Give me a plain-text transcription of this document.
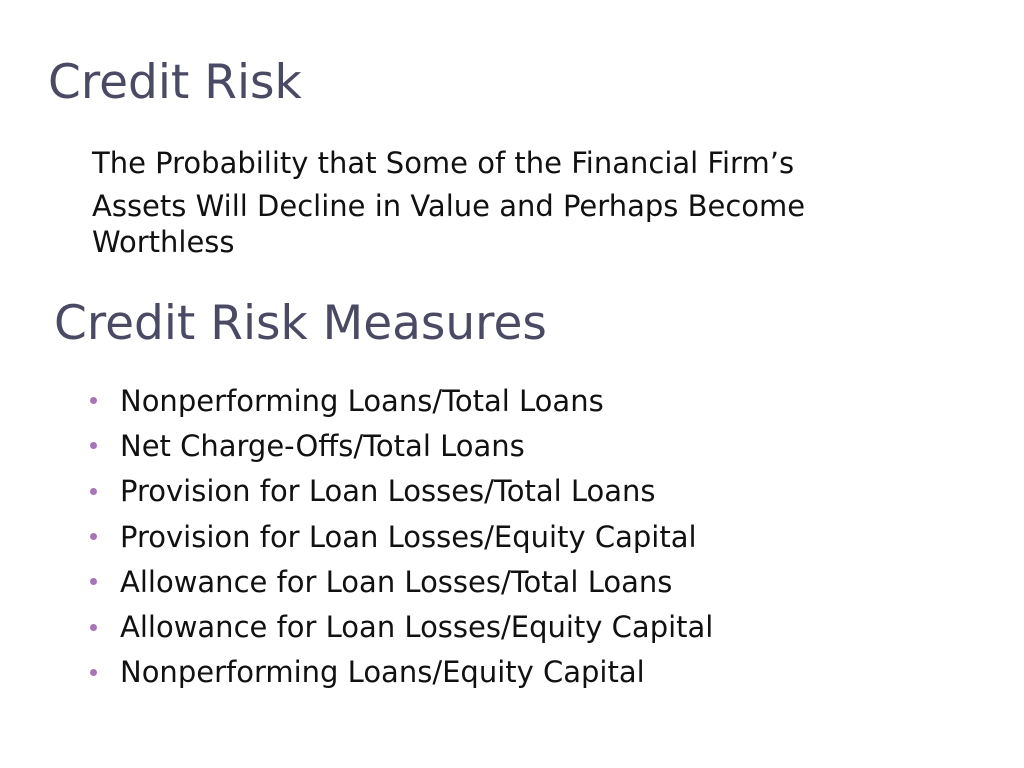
Credit Risk
The Probability that Some of the Financial Firm’s
Assets Will Decline in Value and Perhaps Become
Worthless
Credit Risk Measures
Nonperforming Loans/Total Loans
Net Charge-Offs/Total Loans
Provision for Loan Losses/Total Loans
Provision for Loan Losses/Equity Capital
Allowance for Loan Losses/Total Loans
Allowance for Loan Losses/Equity Capital
Nonperforming Loans/Equity Capital
